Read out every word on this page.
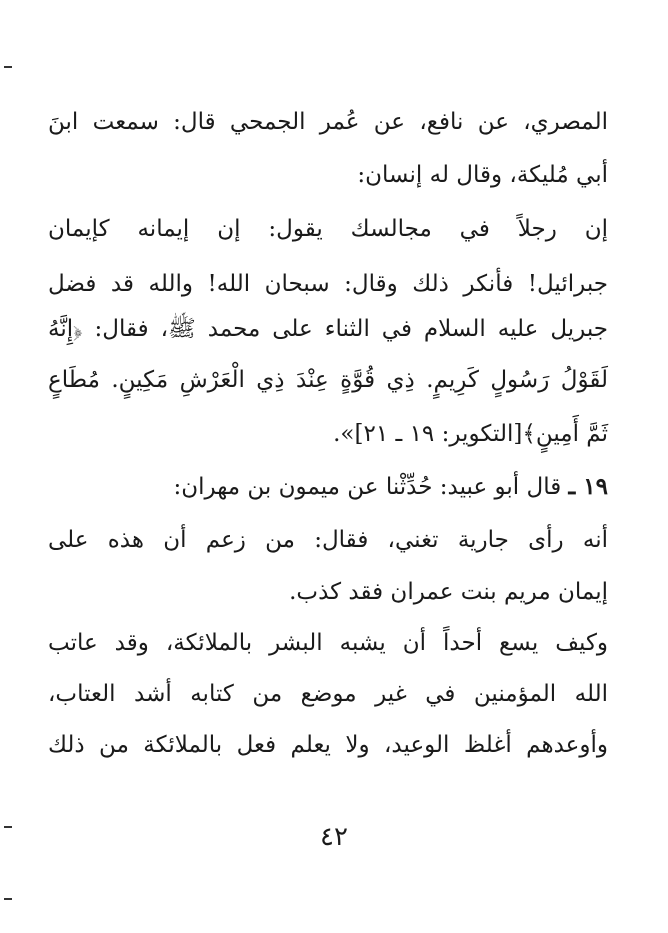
المصري، عن نافع، عن عُمر الجمحي قال: سمعت ابنَ
أبي مُليكة، وقال له إنسان:
إن رجلاً في مجالسك يقول: إن إيمانه كإيمان
جبرائيل! فأنكر ذلك وقال: سبحان الله! والله قد فضل
جبريل عليه السلام في الثناء على محمد ﷺ، فقال: ﴿إِنَّهُ
لَقَوْلُ رَسُولٍ كَرِيمٍ. ذِي قُوَّةٍ عِنْدَ ذِي الْعَرْشِ مَكِينٍ. مُطَاعٍ
ثَمَّ أَمِينٍ﴾[التكوير: ١٩ ـ ٢١]».
١٩ ـ قال أبو عبيد: حُدِّثْنا عن ميمون بن مهران:
أنه رأى جارية تغني، فقال: من زعم أن هذه على
إيمان مريم بنت عمران فقد كذب.
وكيف يسع أحداً أن يشبه البشر بالملائكة، وقد عاتب
الله المؤمنين في غير موضع من كتابه أشد العتاب،
وأوعدهم أغلظ الوعيد، ولا يعلم فعل بالملائكة من ذلك
٤٢
